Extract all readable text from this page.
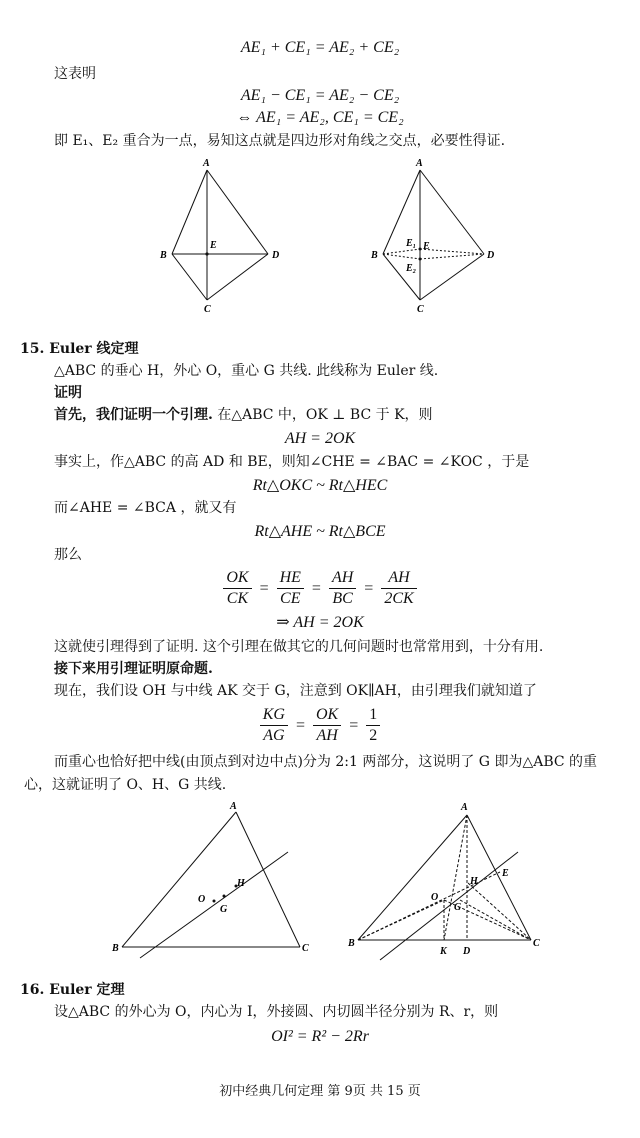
AE₁ + CE₁ = AE₂ + CE₂
这表明
AE₁ − CE₁ = AE₂ − CE₂
⇔ AE₁ = AE₂, CE₁ = CE₂
即 E₁、E₂ 重合为一点，易知这点就是四边形对角线之交点，必要性得证.
A
B	D
C
E
A
B	D
C
E₁ E
E₂
15. Euler 线定理
△ABC 的垂心 H，外心 O，重心 G 共线. 此线称为 Euler 线.
证明
首先，我们证明一个引理. 在△ABC 中，OK ⊥ BC 于 K，则
AH = 2OK
事实上，作△ABC 的高 AD 和 BE，则知∠CHE = ∠BAC = ∠KOC ，于是
Rt△OKC ~ Rt△HEC
而∠AHE = ∠BCA ，就又有
Rt△AHE ~ Rt△BCE
那么
$\frac{OK}{CK} = \frac{HE}{CE} = \frac{AH}{BC} = \frac{AH}{2CK}$
⇒ AH = 2OK
这就使引理得到了证明. 这个引理在做其它的几何问题时也常常用到，十分有用.
接下来用引理证明原命题.
现在，我们设 OH 与中线 AK 交于 G，注意到 OK∥AH，由引理我们就知道了
$\frac{KG}{AG} = \frac{OK}{AH} = \frac{1}{2}$
而重心也恰好把中线(由顶点到对边中点)分为 2:1 两部分，这说明了 G 即为△ABC 的重
心，这就证明了 O、H、G 共线.
A
B	C
O
H
G
A
B	C
O
H
G
E
K D
16. Euler 定理
设△ABC 的外心为 O，内心为 I，外接圆、内切圆半径分别为 R、r，则
OI² = R² − 2Rr
初中经典几何定理 第 9页 共 15 页
